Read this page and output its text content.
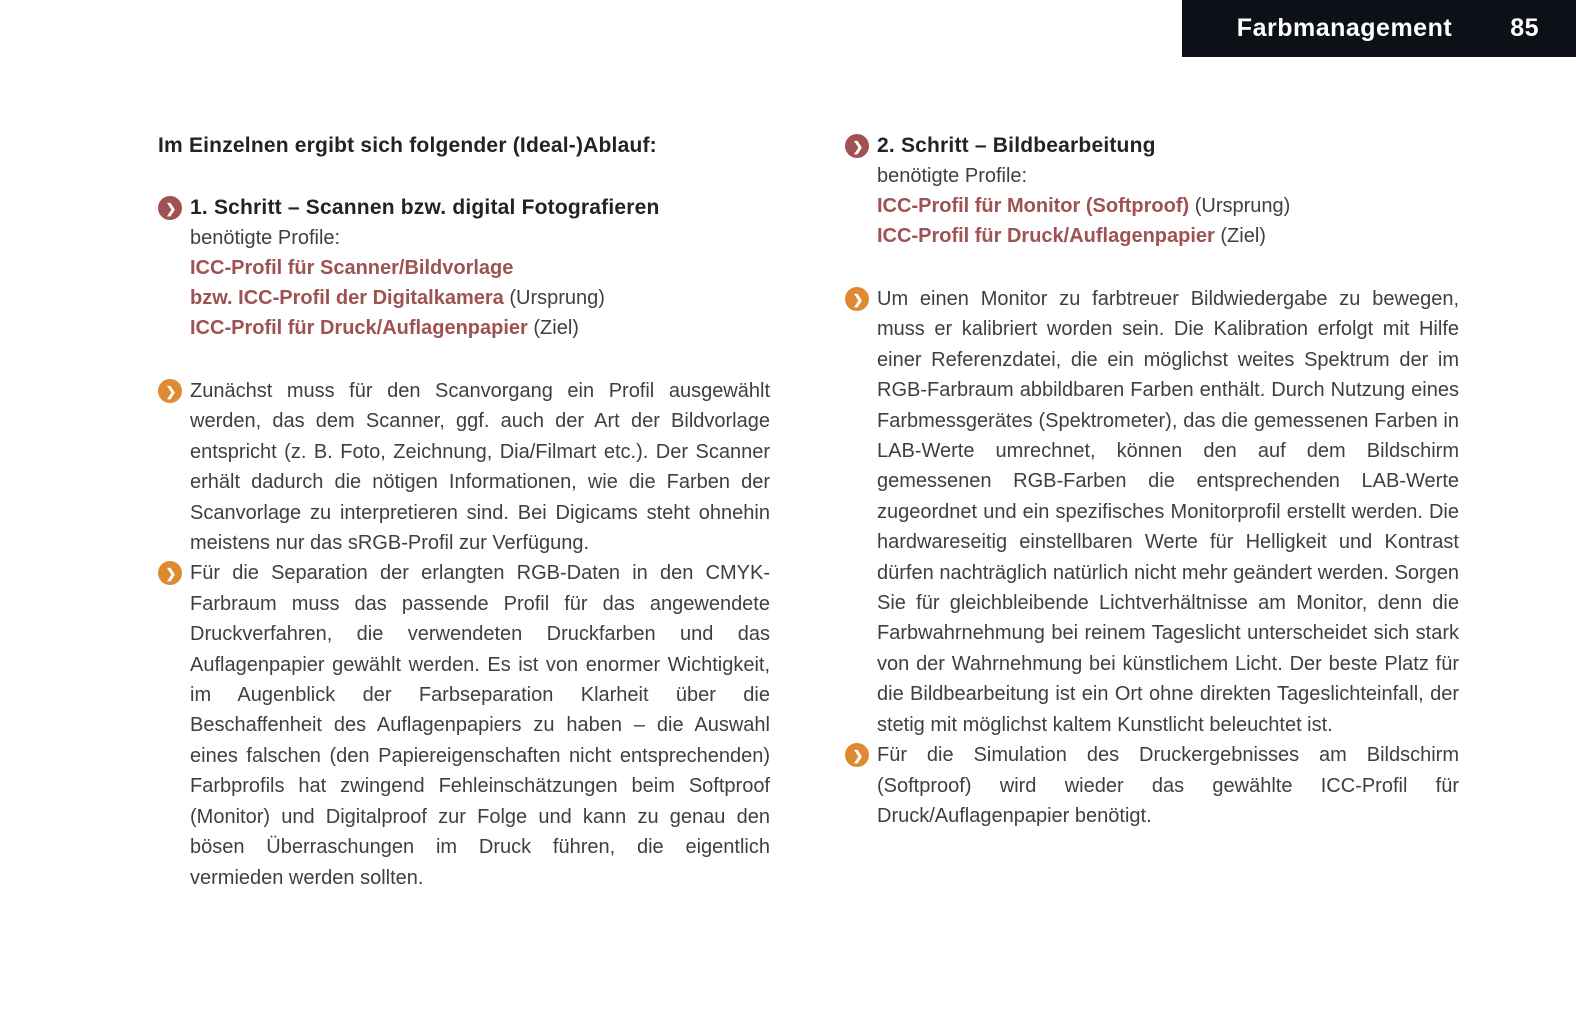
Farbmanagement 85
Im Einzelnen ergibt sich folgender (Ideal-)Ablauf:
❯ 1. Schritt – Scannen bzw. digital Fotografieren
benötigte Profile:
ICC-Profil für Scanner/Bildvorlage
bzw. ICC-Profil der Digitalkamera (Ursprung)
ICC-Profil für Druck/Auflagenpapier (Ziel)
❯ Zunächst muss für den Scanvorgang ein Profil ausgewählt werden, das dem Scanner, ggf. auch der Art der Bildvorlage entspricht (z. B. Foto, Zeichnung, Dia/Filmart etc.). Der Scanner erhält dadurch die nötigen Informationen, wie die Farben der Scanvorlage zu interpretieren sind. Bei Digicams steht ohnehin meistens nur das sRGB-Profil zur Verfügung.
❯ Für die Separation der erlangten RGB-Daten in den CMYK-Farbraum muss das passende Profil für das angewendete Druckverfahren, die verwendeten Druckfarben und das Auflagenpapier gewählt werden. Es ist von enormer Wichtigkeit, im Augenblick der Farbseparation Klarheit über die Beschaffenheit des Auflagenpapiers zu haben – die Auswahl eines falschen (den Papiereigenschaften nicht entsprechenden) Farbprofils hat zwingend Fehleinschätzungen beim Softproof (Monitor) und Digitalproof zur Folge und kann zu genau den bösen Überraschungen im Druck führen, die eigentlich vermieden werden sollten.
❯ 2. Schritt – Bildbearbeitung
benötigte Profile:
ICC-Profil für Monitor (Softproof) (Ursprung)
ICC-Profil für Druck/Auflagenpapier (Ziel)
❯ Um einen Monitor zu farbtreuer Bildwiedergabe zu bewegen, muss er kalibriert worden sein. Die Kalibration erfolgt mit Hilfe einer Referenzdatei, die ein möglichst weites Spektrum der im RGB-Farbraum abbildbaren Farben enthält. Durch Nutzung eines Farbmessgerätes (Spektrometer), das die gemessenen Farben in LAB-Werte umrechnet, können den auf dem Bildschirm gemessenen RGB-Farben die entsprechenden LAB-Werte zugeordnet und ein spezifisches Monitorprofil erstellt werden. Die hardwareseitig einstellbaren Werte für Helligkeit und Kontrast dürfen nachträglich natürlich nicht mehr geändert werden. Sorgen Sie für gleichbleibende Lichtverhältnisse am Monitor, denn die Farbwahrnehmung bei reinem Tageslicht unterscheidet sich stark von der Wahrnehmung bei künstlichem Licht. Der beste Platz für die Bildbearbeitung ist ein Ort ohne direkten Tageslichteinfall, der stetig mit möglichst kaltem Kunstlicht beleuchtet ist.
❯ Für die Simulation des Druckergebnisses am Bildschirm (Softproof) wird wieder das gewählte ICC-Profil für Druck/Auflagenpapier benötigt.
